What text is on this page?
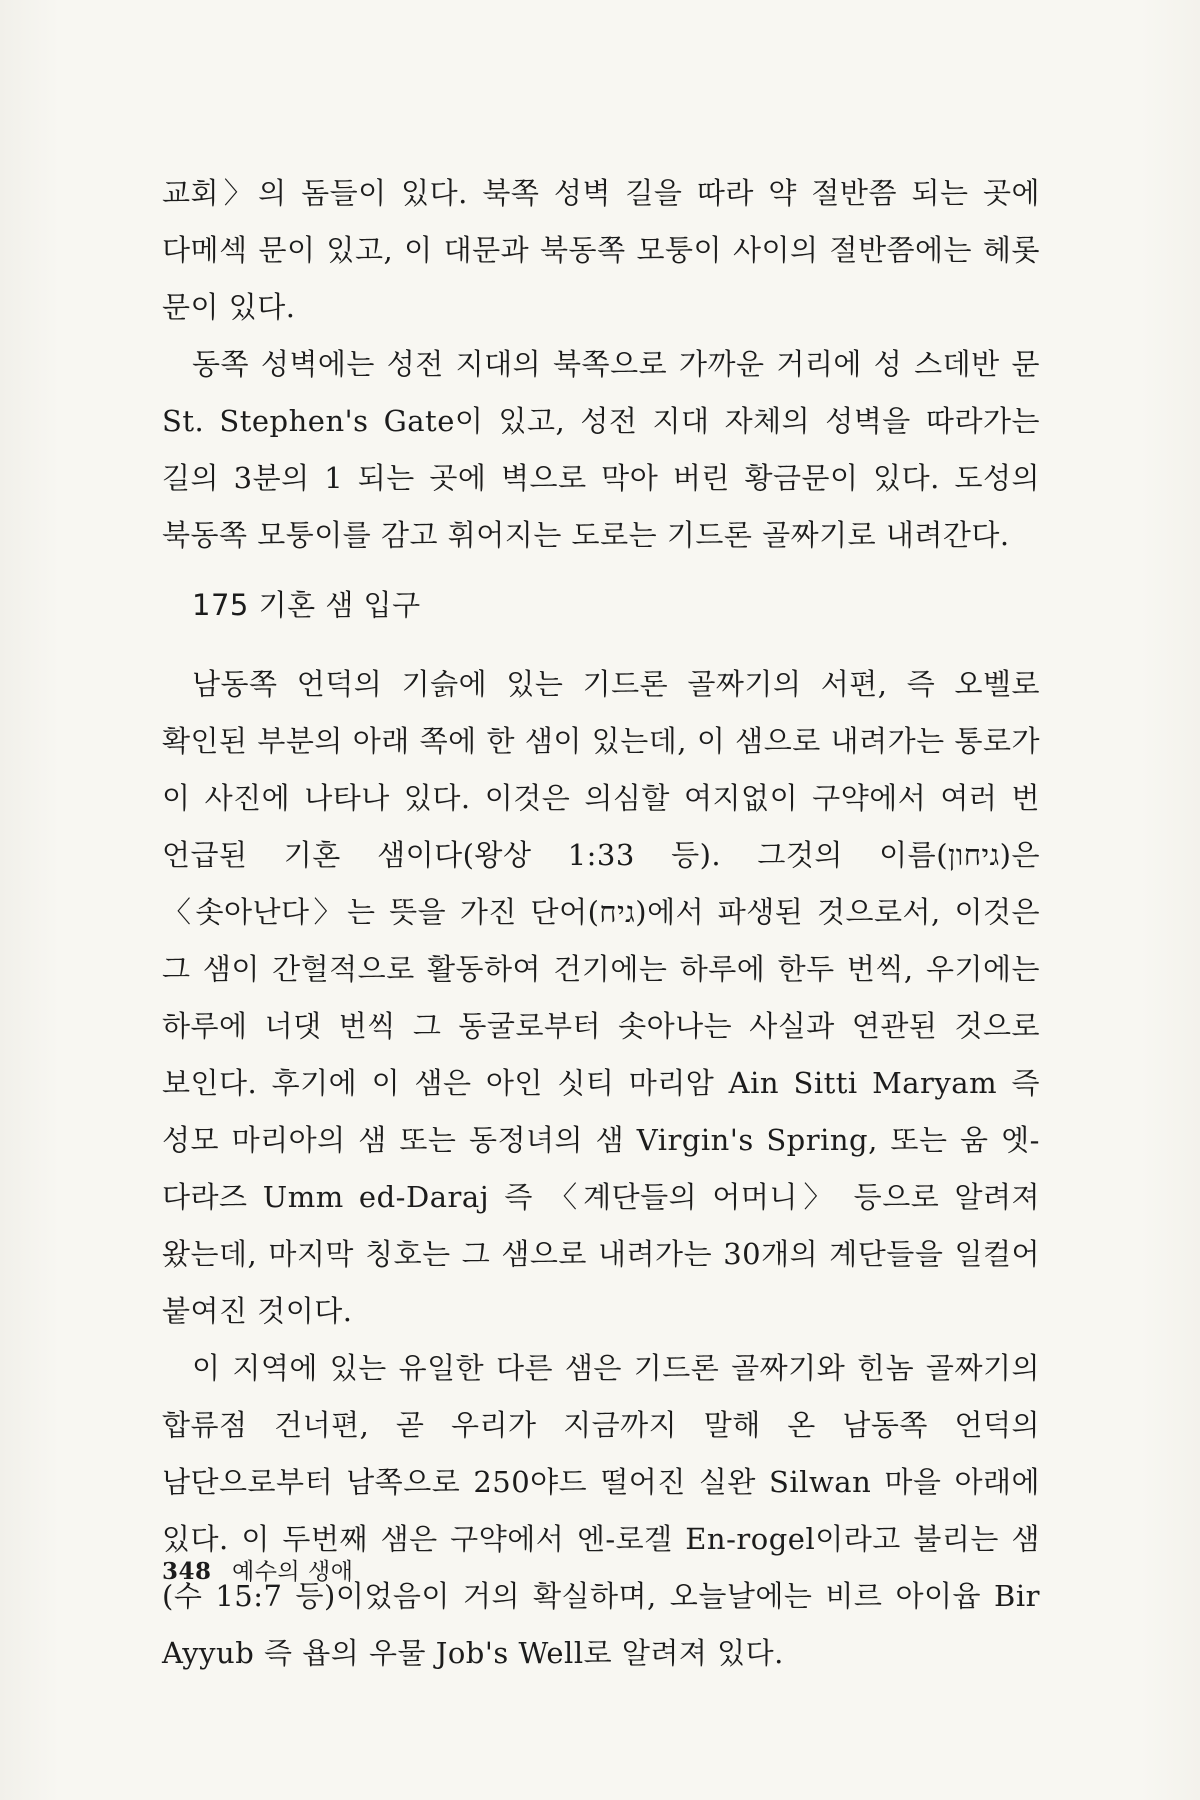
교회〉의 돔들이 있다. 북쪽 성벽 길을 따라 약 절반쯤 되는 곳에 다메섹 문이 있고, 이 대문과 북동쪽 모퉁이 사이의 절반쯤에는 헤롯 문이 있다.

동쪽 성벽에는 성전 지대의 북쪽으로 가까운 거리에 성 스데반 문 St. Stephen's Gate이 있고, 성전 지대 자체의 성벽을 따라가는 길의 3분의 1 되는 곳에 벽으로 막아 버린 황금문이 있다. 도성의 북동쪽 모퉁이를 감고 휘어지는 도로는 기드론 골짜기로 내려간다.

175 기혼 샘 입구

남동쪽 언덕의 기슭에 있는 기드론 골짜기의 서편, 즉 오벨로 확인된 부분의 아래 쪽에 한 샘이 있는데, 이 샘으로 내려가는 통로가 이 사진에 나타나 있다. 이것은 의심할 여지없이 구약에서 여러 번 언급된 기혼 샘이다(왕상 1:33 등). 그것의 이름(גיחון)은 〈솟아난다〉는 뜻을 가진 단어(גיח)에서 파생된 것으로서, 이것은 그 샘이 간헐적으로 활동하여 건기에는 하루에 한두 번씩, 우기에는 하루에 너댓 번씩 그 동굴로부터 솟아나는 사실과 연관된 것으로 보인다. 후기에 이 샘은 아인 싯티 마리암 Ain Sitti Maryam 즉 성모 마리아의 샘 또는 동정녀의 샘 Virgin's Spring, 또는 움 엣-다라즈 Umm ed-Daraj 즉 〈계단들의 어머니〉 등으로 알려져 왔는데, 마지막 칭호는 그 샘으로 내려가는 30개의 계단들을 일컬어 붙여진 것이다.

이 지역에 있는 유일한 다른 샘은 기드론 골짜기와 힌놈 골짜기의 합류점 건너편, 곧 우리가 지금까지 말해 온 남동쪽 언덕의 남단으로부터 남쪽으로 250야드 떨어진 실완 Silwan 마을 아래에 있다. 이 두번째 샘은 구약에서 엔-로겔 En-rogel이라고 불리는 샘(수 15:7 등)이었음이 거의 확실하며, 오늘날에는 비르 아이윱 Bir Ayyub 즉 욥의 우물 Job's Well로 알려져 있다.

348 예수의 생애
